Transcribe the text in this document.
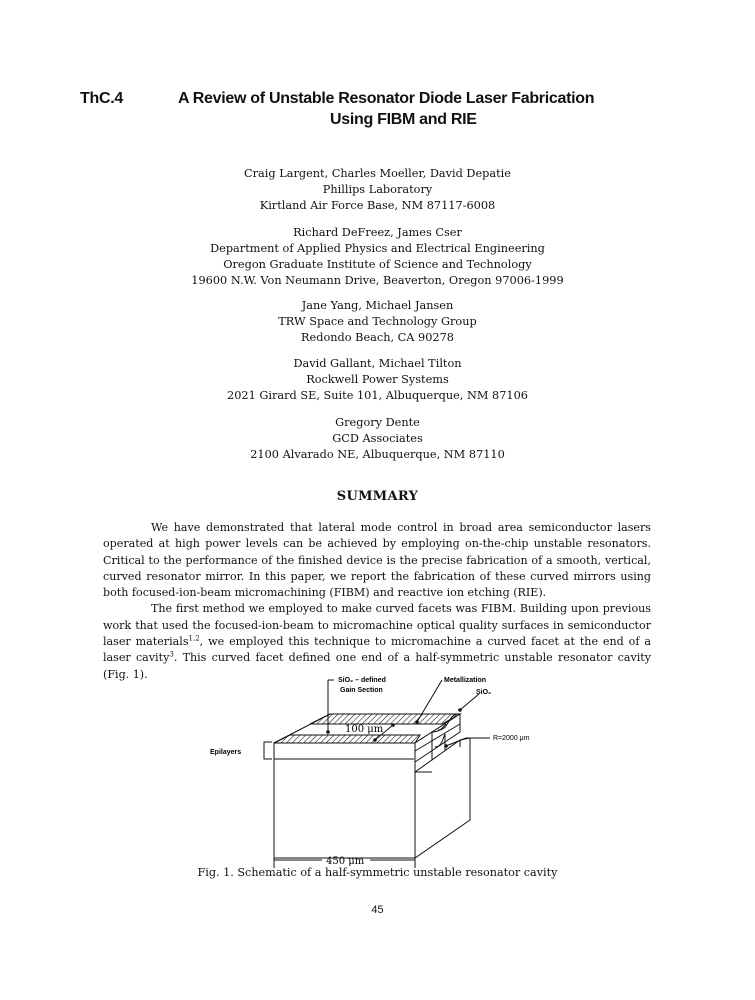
ThC.4	A Review of Unstable Resonator Diode Laser Fabrication
Using FIBM and RIE
Craig Largent, Charles Moeller, David Depatie
Phillips Laboratory
Kirtland Air Force Base, NM 87117-6008
Richard DeFreez, James Cser
Department of Applied Physics and Electrical Engineering
Oregon Graduate Institute of Science and Technology
19600 N.W. Von Neumann Drive, Beaverton, Oregon 97006-1999
Jane Yang, Michael Jansen
TRW Space and Technology Group
Redondo Beach, CA 90278
David Gallant, Michael Tilton
Rockwell Power Systems
2021 Girard SE, Suite 101, Albuquerque, NM 87106
Gregory Dente
GCD Associates
2100 Alvarado NE, Albuquerque, NM 87110
SUMMARY

We have demonstrated that lateral mode control in broad area semiconductor lasers operated at high power levels can be achieved by employing on-the-chip unstable resonators. Critical to the performance of the finished device is the precise fabrication of a smooth, vertical, curved resonator mirror. In this paper, we report the fabrication of these curved mirrors using both focused-ion-beam micromachining (FIBM) and reactive ion etching (RIE).

The first method we employed to make curved facets was FIBM. Building upon previous work that used the focused-ion-beam to micromachine optical quality surfaces in semiconductor laser materials$^{1,2}$, we employed this technique to micromachine a curved facet at the end of a laser cavity$^3$. This curved facet defined one end of a half-symmetric unstable resonator cavity (Fig. 1).	SiO₂ – defined
Gain Section
Metallization
SiO₂
R=2000 μm
Epilayers
100 μm
450 μm
Fig. 1. Schematic of a half-symmetric unstable resonator cavity
45
